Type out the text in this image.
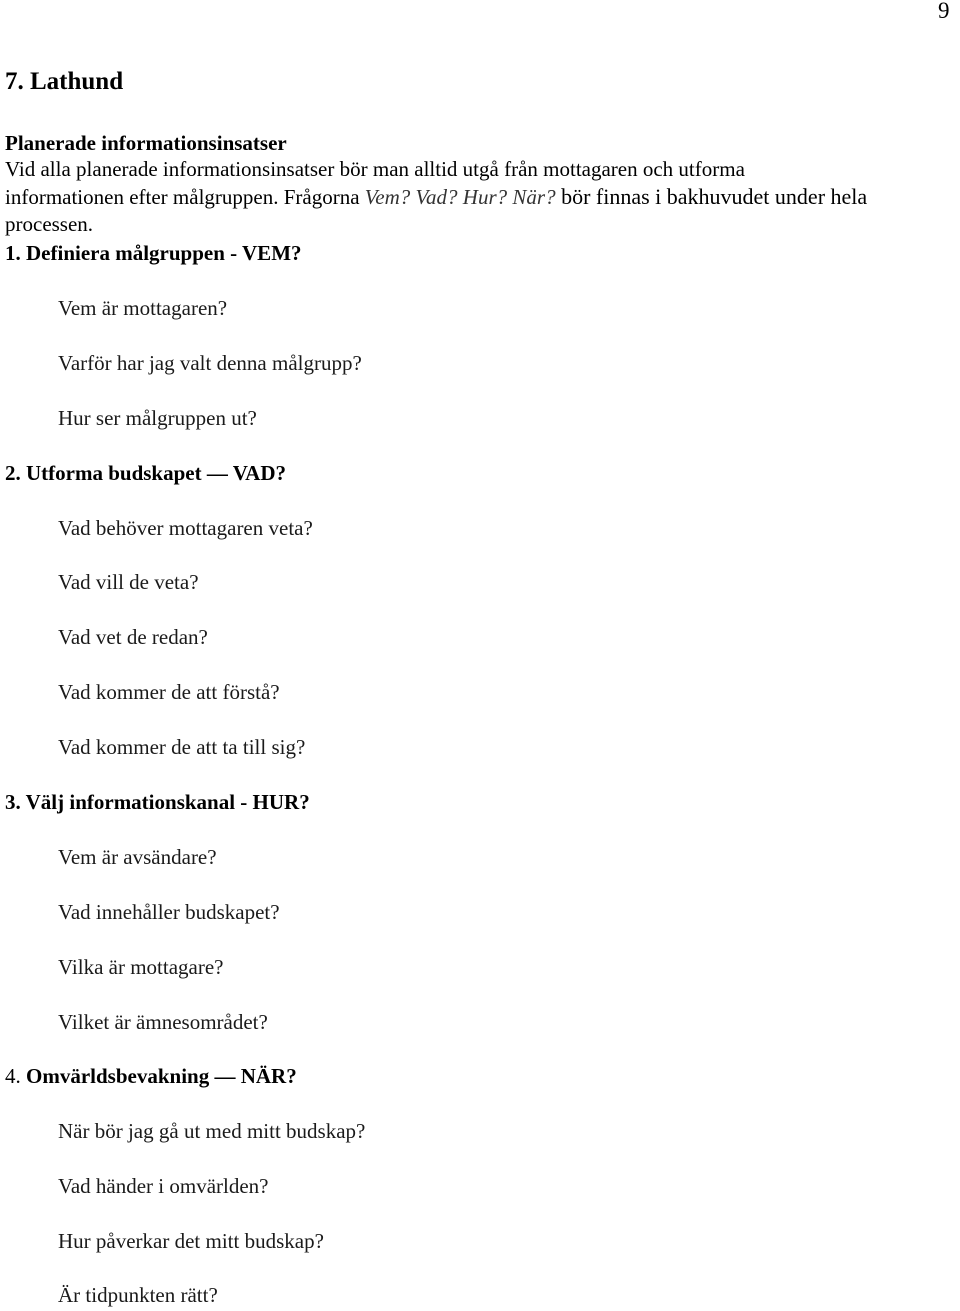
9
7. Lathund
Planerade informationsinsatser

Vid alla planerade informationsinsatser bör man alltid utgå från mottagaren och utforma
informationen efter målgruppen. Frågorna Vem? Vad? Hur? När? bör finnas i bakhuvudet under hela
processen.

1. Definiera målgruppen - VEM?

Vem är mottagaren?

Varför har jag valt denna målgrupp?

Hur ser målgruppen ut?

2. Utforma budskapet — VAD?

Vad behöver mottagaren veta?

Vad vill de veta?

Vad vet de redan?

Vad kommer de att förstå?

Vad kommer de att ta till sig?

3. Välj informationskanal - HUR?

Vem är avsändare?

Vad innehåller budskapet?

Vilka är mottagare?

Vilket är ämnesområdet?

4. Omvärldsbevakning — NÄR?

När bör jag gå ut med mitt budskap?

Vad händer i omvärlden?

Hur påverkar det mitt budskap?

Är tidpunkten rätt?
